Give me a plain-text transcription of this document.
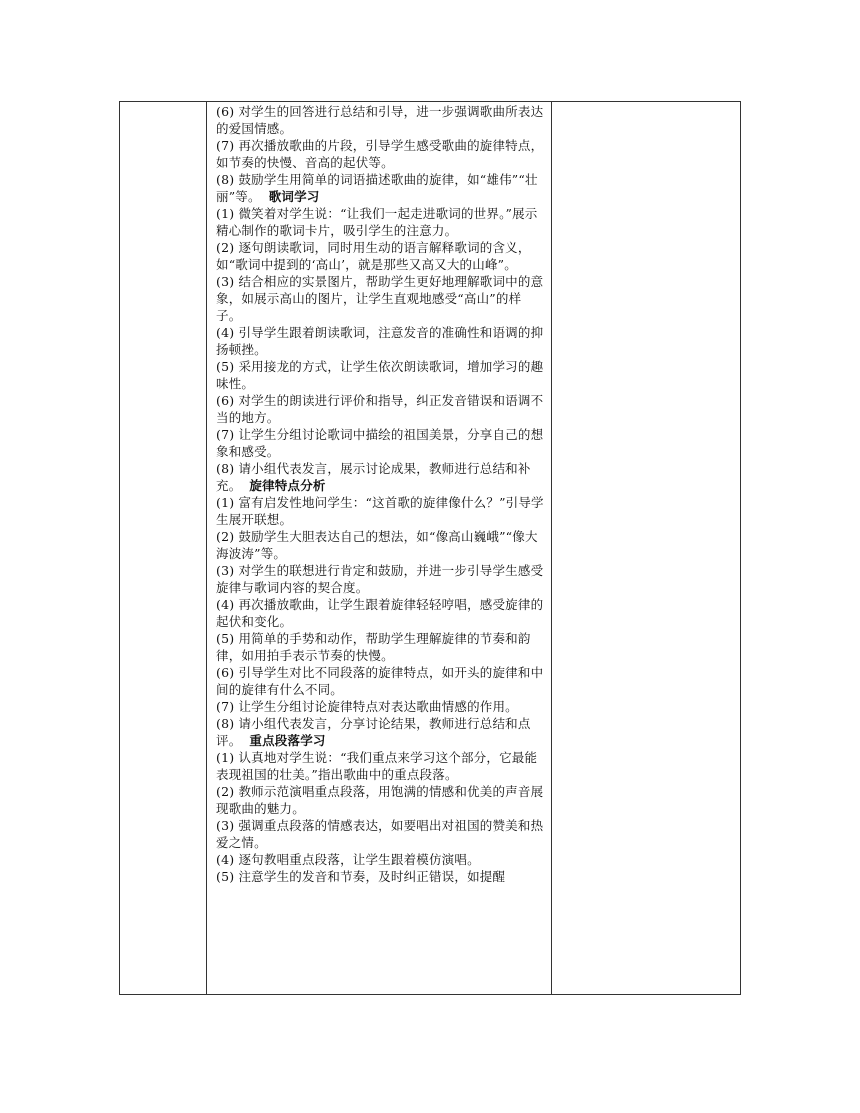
(6) 对学生的回答进行总结和引导，进一步强调歌曲所表达的爱国情感。

(7) 再次播放歌曲的片段，引导学生感受歌曲的旋律特点，如节奏的快慢、音高的起伏等。

(8) 鼓励学生用简单的词语描述歌曲的旋律，如“雄伟”“壮丽”等。 歌词学习

(1) 微笑着对学生说：“让我们一起走进歌词的世界。”展示精心制作的歌词卡片，吸引学生的注意力。

(2) 逐句朗读歌词，同时用生动的语言解释歌词的含义，如“歌词中提到的‘高山’，就是那些又高又大的山峰”。

(3) 结合相应的实景图片，帮助学生更好地理解歌词中的意象，如展示高山的图片，让学生直观地感受“高山”的样子。

(4) 引导学生跟着朗读歌词，注意发音的准确性和语调的抑扬顿挫。

(5) 采用接龙的方式，让学生依次朗读歌词，增加学习的趣味性。

(6) 对学生的朗读进行评价和指导，纠正发音错误和语调不当的地方。

(7) 让学生分组讨论歌词中描绘的祖国美景，分享自己的想象和感受。

(8) 请小组代表发言，展示讨论成果，教师进行总结和补充。 旋律特点分析

(1) 富有启发性地问学生：“这首歌的旋律像什么？”引导学生展开联想。

(2) 鼓励学生大胆表达自己的想法，如“像高山巍峨”“像大海波涛”等。

(3) 对学生的联想进行肯定和鼓励，并进一步引导学生感受旋律与歌词内容的契合度。

(4) 再次播放歌曲，让学生跟着旋律轻轻哼唱，感受旋律的起伏和变化。

(5) 用简单的手势和动作，帮助学生理解旋律的节奏和韵律，如用拍手表示节奏的快慢。

(6) 引导学生对比不同段落的旋律特点，如开头的旋律和中间的旋律有什么不同。

(7) 让学生分组讨论旋律特点对表达歌曲情感的作用。

(8) 请小组代表发言，分享讨论结果，教师进行总结和点评。 重点段落学习

(1) 认真地对学生说：“我们重点来学习这个部分，它最能表现祖国的壮美。”指出歌曲中的重点段落。

(2) 教师示范演唱重点段落，用饱满的情感和优美的声音展现歌曲的魅力。

(3) 强调重点段落的情感表达，如要唱出对祖国的赞美和热爱之情。

(4) 逐句教唱重点段落，让学生跟着模仿演唱。

(5) 注意学生的发音和节奏，及时纠正错误，如提醒
